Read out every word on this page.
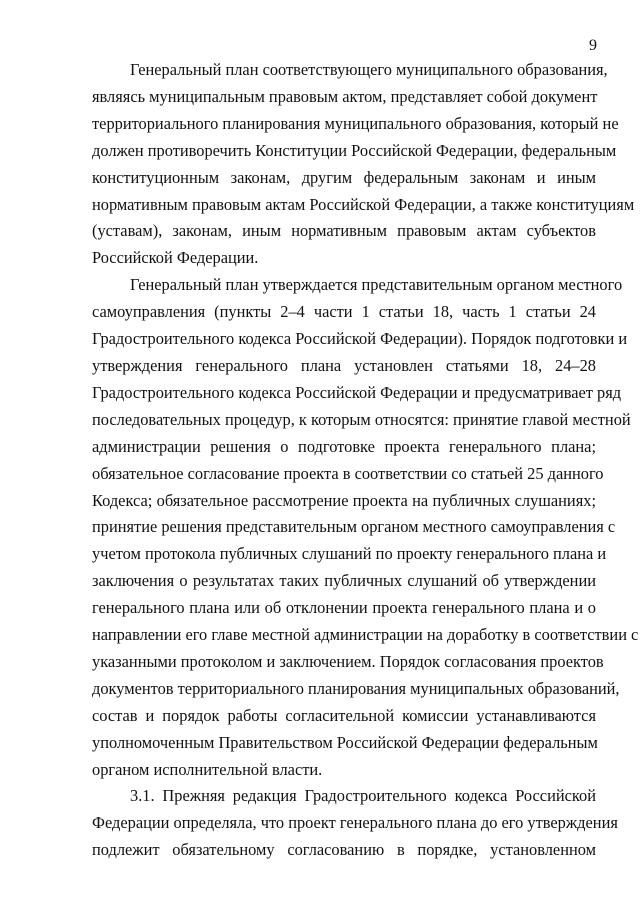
9

Генеральный план соответствующего муниципального образования,
являясь муниципальным правовым актом, представляет собой документ
территориального планирования муниципального образования, который не
должен противоречить Конституции Российской Федерации, федеральным
конституционным законам, другим федеральным законам и иным
нормативным правовым актам Российской Федерации, а также конституциям
(уставам), законам, иным нормативным правовым актам субъектов
Российской Федерации.

Генеральный план утверждается представительным органом местного
самоуправления (пункты 2–4 части 1 статьи 18, часть 1 статьи 24
Градостроительного кодекса Российской Федерации). Порядок подготовки и
утверждения генерального плана установлен статьями 18, 24–28
Градостроительного кодекса Российской Федерации и предусматривает ряд
последовательных процедур, к которым относятся: принятие главой местной
администрации решения о подготовке проекта генерального плана;
обязательное согласование проекта в соответствии со статьей 25 данного
Кодекса; обязательное рассмотрение проекта на публичных слушаниях;
принятие решения представительным органом местного самоуправления с
учетом протокола публичных слушаний по проекту генерального плана и
заключения о результатах таких публичных слушаний об утверждении
генерального плана или об отклонении проекта генерального плана и о
направлении его главе местной администрации на доработку в соответствии с
указанными протоколом и заключением. Порядок согласования проектов
документов территориального планирования муниципальных образований,
состав и порядок работы согласительной комиссии устанавливаются
уполномоченным Правительством Российской Федерации федеральным
органом исполнительной власти.

3.1. Прежняя редакция Градостроительного кодекса Российской
Федерации определяла, что проект генерального плана до его утверждения
подлежит обязательному согласованию в порядке, установленном
